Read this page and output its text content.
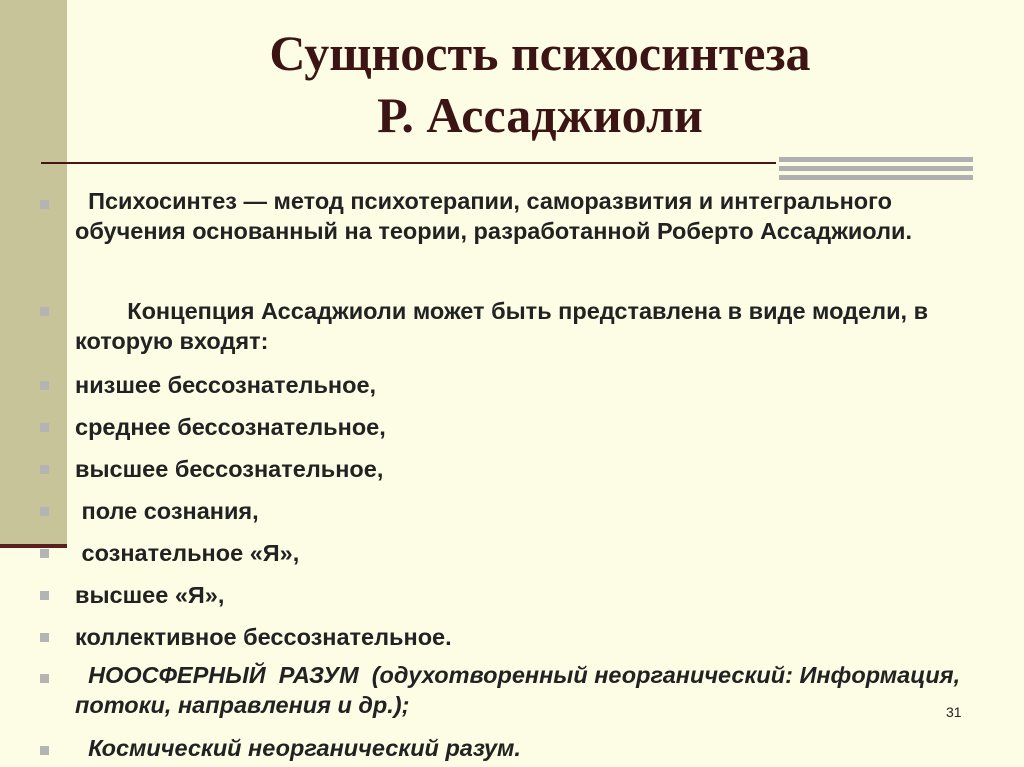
Сущность психосинтеза
Р. Ассаджиоли
Психосинтез — метод психотерапии, саморазвития и интегрального обучения основанный на теории, разработанной Роберто Ассаджиоли.
Концепция Ассаджиоли может быть представлена в виде модели, в которую входят:
низшее бессознательное,
среднее бессознательное,
высшее бессознательное,
поле сознания,
сознательное «Я»,
высшее «Я»,
коллективное бессознательное.
НООСФЕРНЫЙ  РАЗУМ  (одухотворенный неорганический: Информация, потоки, направления и др.);
Космический неорганический разум.
31
